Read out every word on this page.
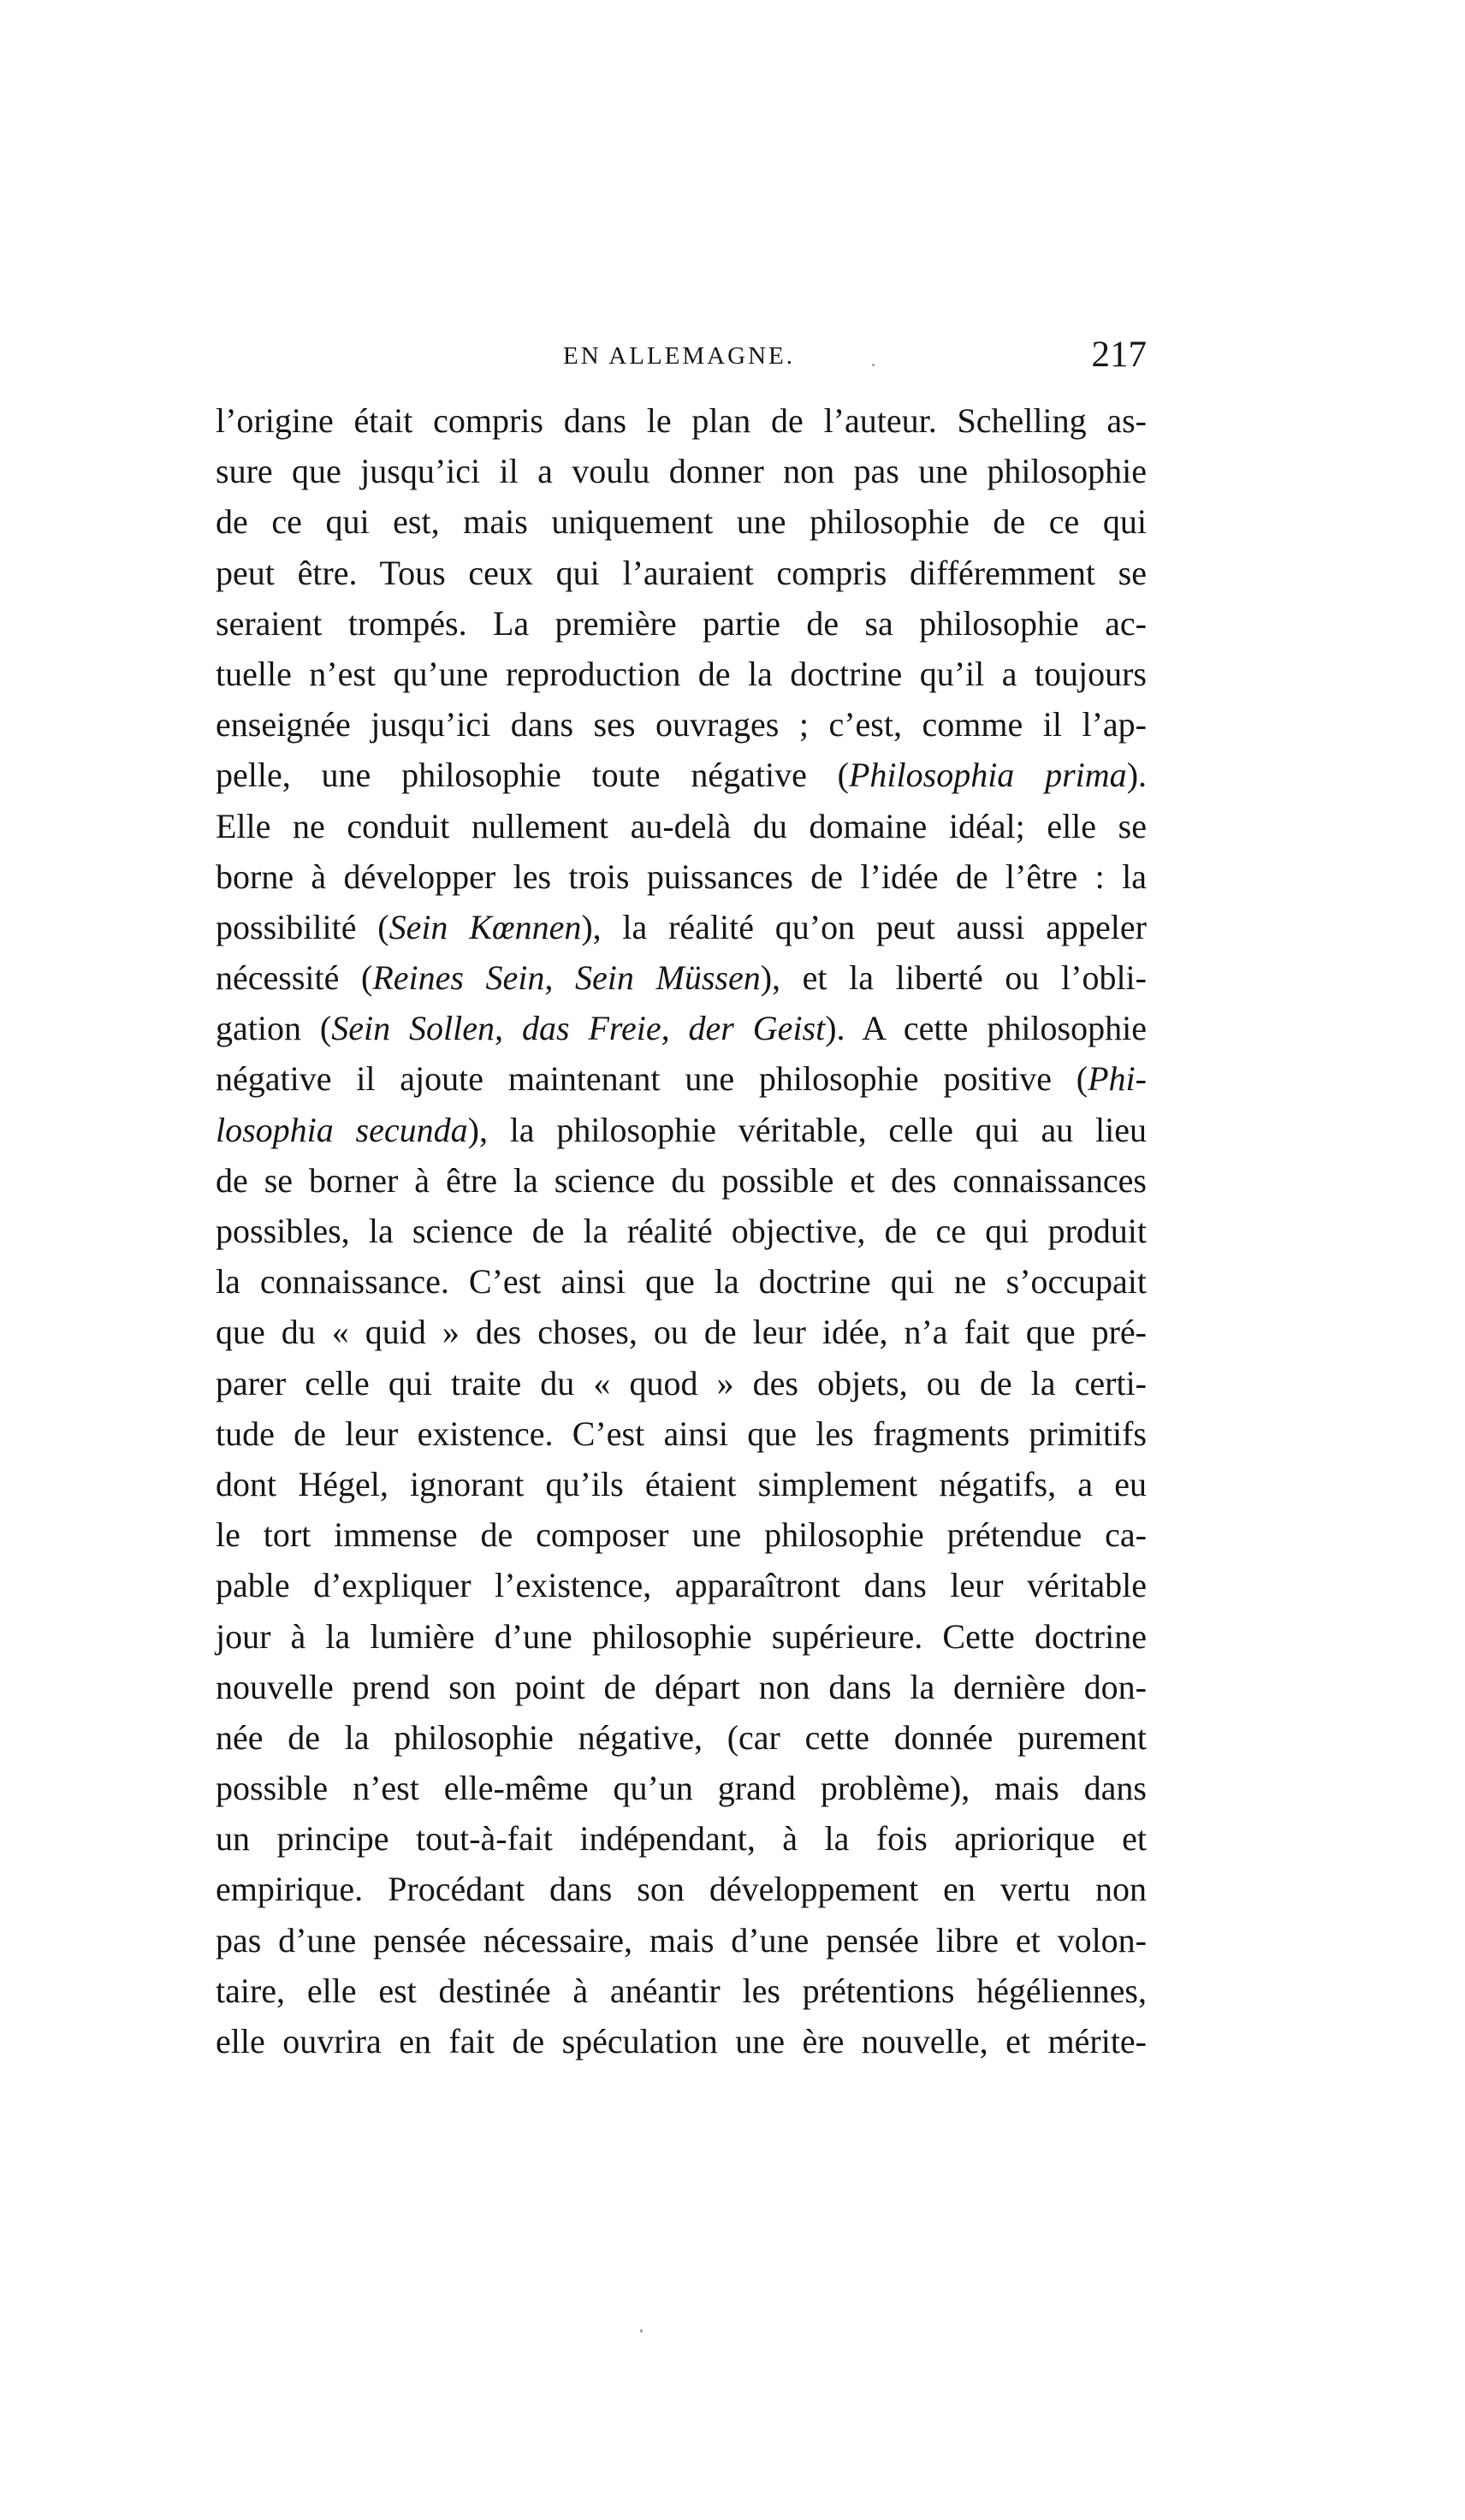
EN ALLEMAGNE.	217
l’origine était compris dans le plan de l’auteur. Schelling as-
sure que jusqu’ici il a voulu donner non pas une philosophie
de ce qui est, mais uniquement une philosophie de ce qui
peut être. Tous ceux qui l’auraient compris différemment se
seraient trompés. La première partie de sa philosophie ac-
tuelle n’est qu’une reproduction de la doctrine qu’il a toujours
enseignée jusqu’ici dans ses ouvrages ; c’est, comme il l’ap-
pelle, une philosophie toute négative (Philosophia prima).
Elle ne conduit nullement au-delà du domaine idéal; elle se
borne à développer les trois puissances de l’idée de l’être : la
possibilité (Sein Kœnnen), la réalité qu’on peut aussi appeler
nécessité (Reines Sein, Sein Müssen), et la liberté ou l’obli-
gation (Sein Sollen, das Freie, der Geist). A cette philosophie
négative il ajoute maintenant une philosophie positive (Phi-
losophia secunda), la philosophie véritable, celle qui au lieu
de se borner à être la science du possible et des connaissances
possibles, la science de la réalité objective, de ce qui produit
la connaissance. C’est ainsi que la doctrine qui ne s’occupait
que du « quid » des choses, ou de leur idée, n’a fait que pré-
parer celle qui traite du « quod » des objets, ou de la certi-
tude de leur existence. C’est ainsi que les fragments primitifs
dont Hégel, ignorant qu’ils étaient simplement négatifs, a eu
le tort immense de composer une philosophie prétendue ca-
pable d’expliquer l’existence, apparaîtront dans leur véritable
jour à la lumière d’une philosophie supérieure. Cette doctrine
nouvelle prend son point de départ non dans la dernière don-
née de la philosophie négative, (car cette donnée purement
possible n’est elle-même qu’un grand problème), mais dans
un principe tout-à-fait indépendant, à la fois apriorique et
empirique. Procédant dans son développement en vertu non
pas d’une pensée nécessaire, mais d’une pensée libre et volon-
taire, elle est destinée à anéantir les prétentions hégéliennes,
elle ouvrira en fait de spéculation une ère nouvelle, et mérite-
